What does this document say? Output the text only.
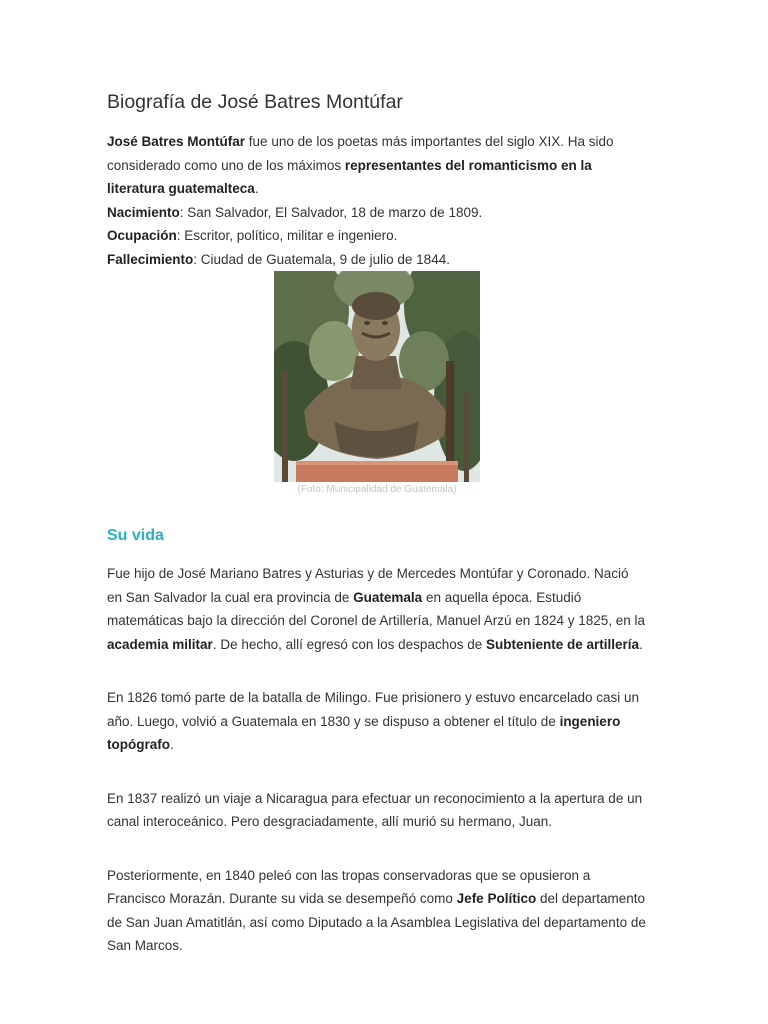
Biografía de José Batres Montúfar

José Batres Montúfar fue uno de los poetas más importantes del siglo XIX. Ha sido considerado como uno de los máximos representantes del romanticismo en la literatura guatemalteca.

Nacimiento: San Salvador, El Salvador, 18 de marzo de 1809.

Ocupación: Escritor, político, militar e ingeniero.

Fallecimiento: Ciudad de Guatemala, 9 de julio de 1844.

(Foto: Municipalidad de Guatemala)
Su vida

Fue hijo de José Mariano Batres y Asturias y de Mercedes Montúfar y Coronado. Nació en San Salvador la cual era provincia de Guatemala en aquella época. Estudió matemáticas bajo la dirección del Coronel de Artillería, Manuel Arzú en 1824 y 1825, en la academia militar. De hecho, allí egresó con los despachos de Subteniente de artillería.

En 1826 tomó parte de la batalla de Milingo. Fue prisionero y estuvo encarcelado casi un año. Luego, volvió a Guatemala en 1830 y se dispuso a obtener el título de ingeniero topógrafo.

En 1837 realizó un viaje a Nicaragua para efectuar un reconocimiento a la apertura de un canal interoceánico. Pero desgraciadamente, allí murió su hermano, Juan.

Posteriormente, en 1840 peleó con las tropas conservadoras que se opusieron a Francisco Morazán. Durante su vida se desempeñó como Jefe Político del departamento de San Juan Amatitlán, así como Diputado a la Asamblea Legislativa del departamento de San Marcos.
